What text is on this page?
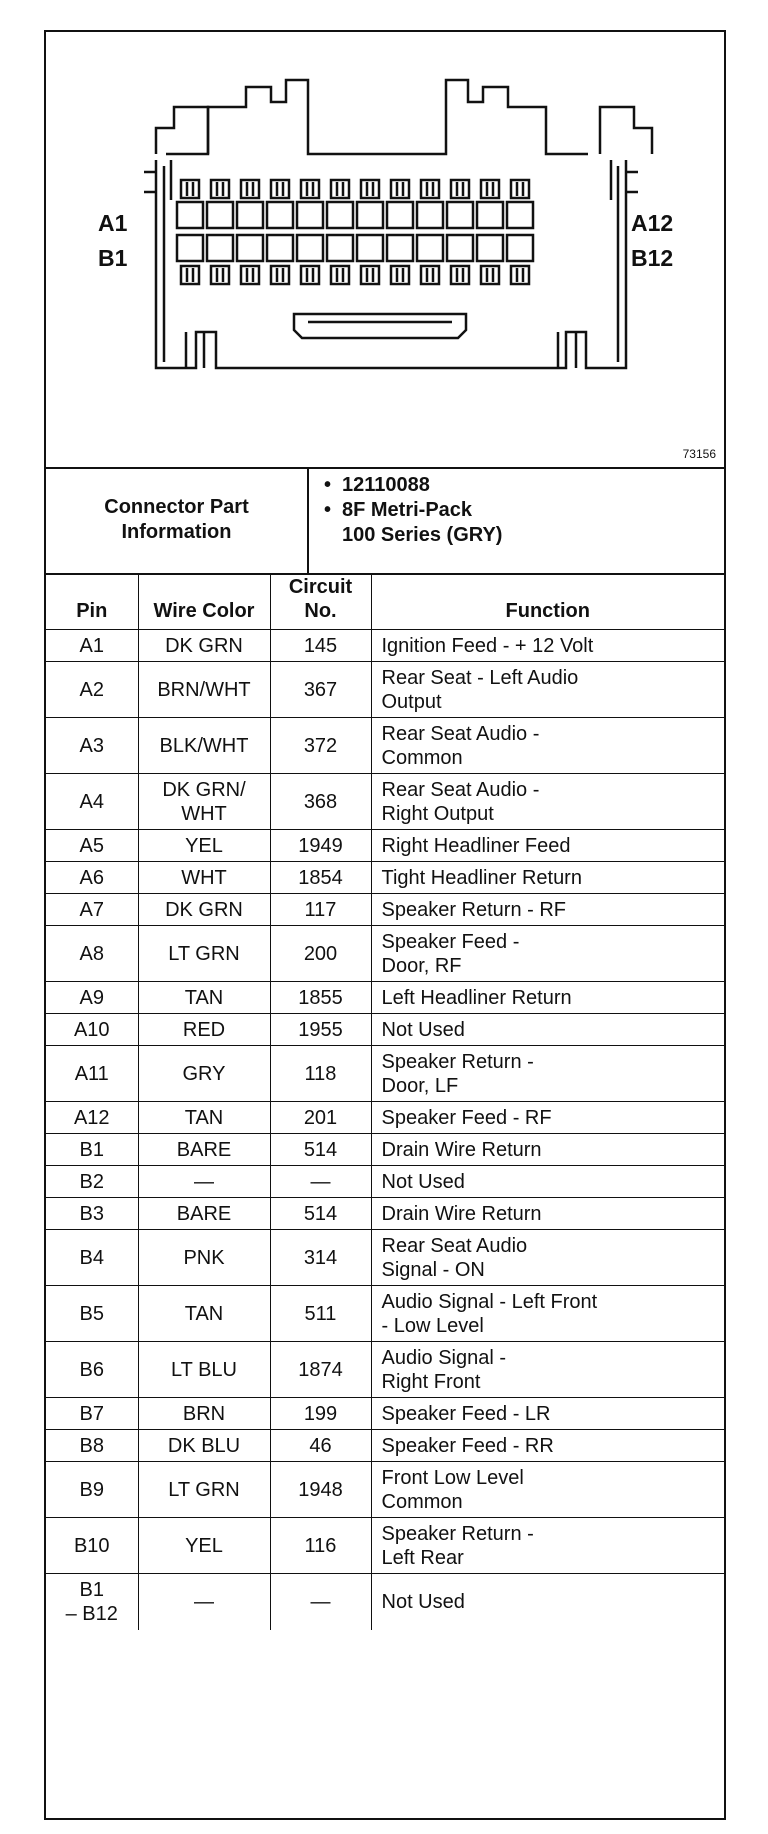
A1
B1
A12
B12
73156
Connector Part
Information
• 12110088
• 8F Metri-Pack
100 Series (GRY)
Pin	Wire Color	Circuit
No.	Function
A1	DK GRN	145	Ignition Feed - + 12 Volt
A2	BRN/WHT	367	Rear Seat - Left Audio
Output
A3	BLK/WHT	372	Rear Seat Audio -
Common
A4	DK GRN/
WHT	368	Rear Seat Audio -
Right Output
A5	YEL	1949	Right Headliner Feed
A6	WHT	1854	Tight Headliner Return
A7	DK GRN	117	Speaker Return - RF
A8	LT GRN	200	Speaker Feed -
Door, RF
A9	TAN	1855	Left Headliner Return
A10	RED	1955	Not Used
A11	GRY	118	Speaker Return -
Door, LF
A12	TAN	201	Speaker Feed - RF
B1	BARE	514	Drain Wire Return
B2	—	—	Not Used
B3	BARE	514	Drain Wire Return
B4	PNK	314	Rear Seat Audio
Signal - ON
B5	TAN	511	Audio Signal - Left Front
- Low Level
B6	LT BLU	1874	Audio Signal -
Right Front
B7	BRN	199	Speaker Feed - LR
B8	DK BLU	46	Speaker Feed - RR
B9	LT GRN	1948	Front Low Level
Common
B10	YEL	116	Speaker Return -
Left Rear
B1
– B12	—	—	Not Used
